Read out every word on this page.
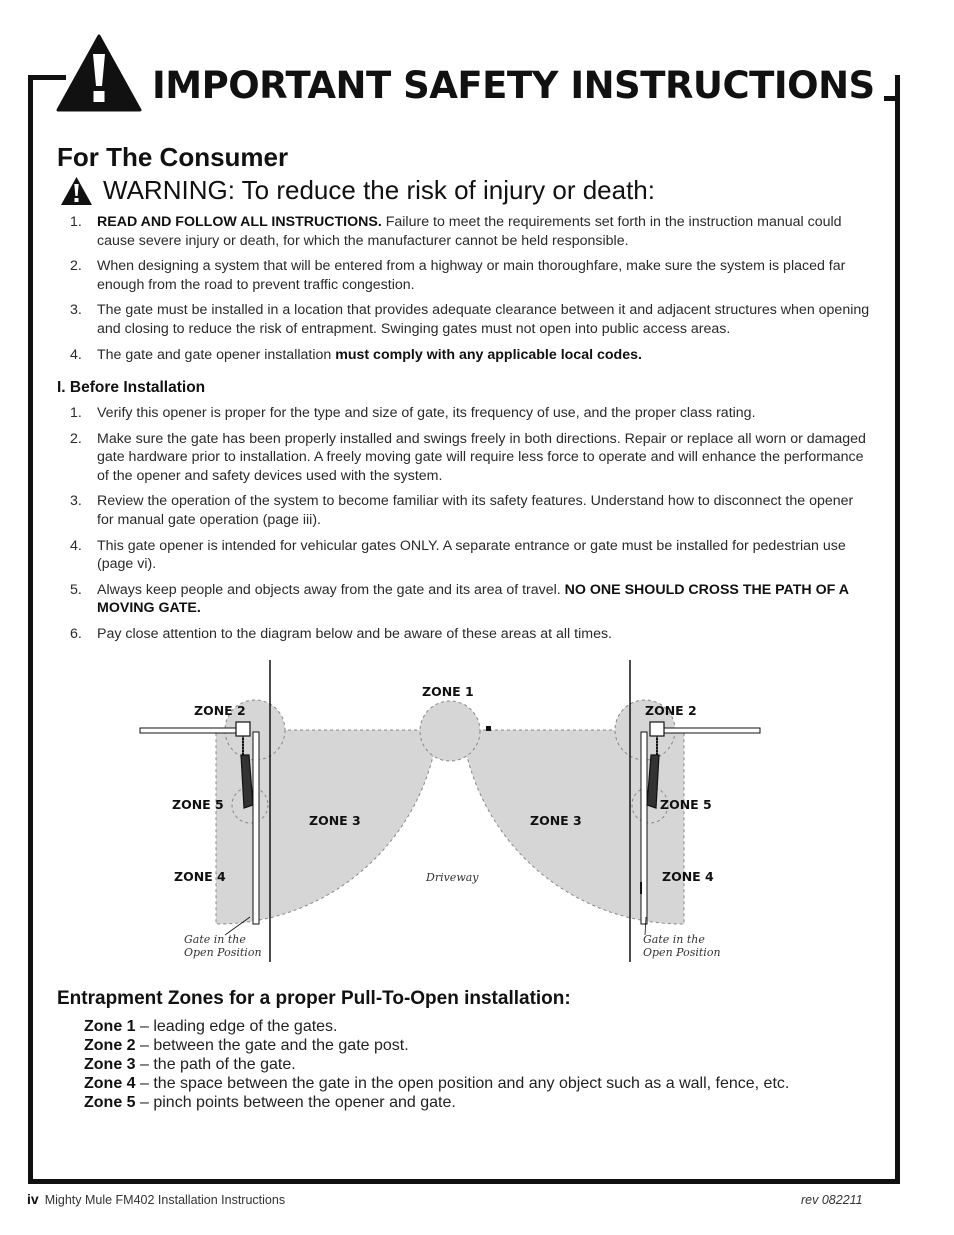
IMPORTANT SAFETY INSTRUCTIONS
For The Consumer
WARNING: To reduce the risk of injury or death:
1.	READ AND FOLLOW ALL INSTRUCTIONS. Failure to meet the requirements set forth in the instruction manual could cause severe injury or death, for which the manufacturer cannot be held responsible.
2.	When designing a system that will be entered from a highway or main thoroughfare, make sure the system is placed far enough from the road to prevent traffic congestion.
3.	The gate must be installed in a location that provides adequate clearance between it and adjacent structures when opening and closing to reduce the risk of entrapment. Swinging gates must not open into public access areas.
4.	The gate and gate opener installation must comply with any applicable local codes.
I. Before Installation
1.	Verify this opener is proper for the type and size of gate, its frequency of use, and the proper class rating.
2.	Make sure the gate has been properly installed and swings freely in both directions. Repair or replace all worn or damaged gate hardware prior to installation. A freely moving gate will require less force to operate and will enhance the performance of the opener and safety devices used with the system.
3.	Review the operation of the system to become familiar with its safety features. Understand how to disconnect the opener for manual gate operation (page iii).
4.	This gate opener is intended for vehicular gates ONLY. A separate entrance or gate must be installed for pedestrian use (page vi).
5.	Always keep people and objects away from the gate and its area of travel. NO ONE SHOULD CROSS THE PATH OF A MOVING GATE.
6.	Pay close attention to the diagram below and be aware of these areas at all times.
ZONE 1
ZONE 2	ZONE 2
ZONE 5	ZONE 5
ZONE 3	ZONE 3
ZONE 4	ZONE 4
Driveway
Gate in the
Open Position
Gate in the
Open Position
Entrapment Zones for a proper Pull-To-Open installation:
Zone 1 – leading edge of the gates.
Zone 2 – between the gate and the gate post.
Zone 3 – the path of the gate.
Zone 4 – the space between the gate in the open position and any object such as a wall, fence, etc.
Zone 5 – pinch points between the opener and gate.
iv Mighty Mule FM402 Installation Instructions	rev 082211
